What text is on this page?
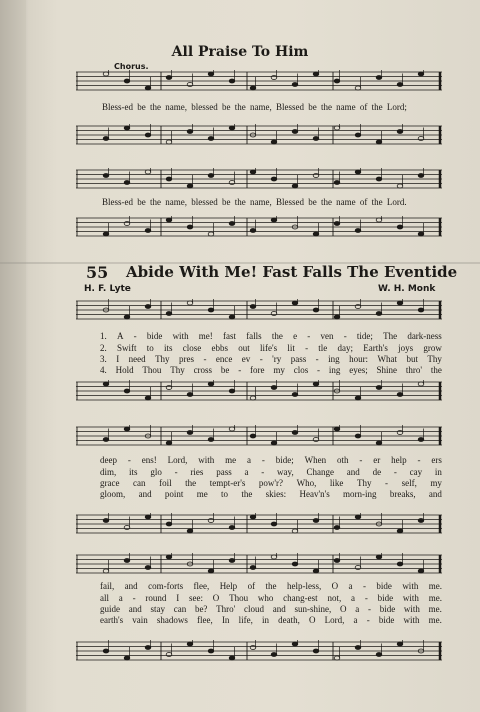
All Praise To Him
Chorus.
Bless-ed be the name, blessed be the name, Blessed be the name of the Lord;
Bless-ed be the name, blessed be the name, Blessed be the name of the Lord.
55 Abide With Me! Fast Falls The Eventide
H. F. Lyte	W. H. Monk
1. A - bide with me! fast falls the e - ven - tide; The dark-ness
2. Swift to its close ebbs out life's lit - tle day; Earth's joys grow
3. I need Thy pres - ence ev - 'ry pass - ing hour: What but Thy
4. Hold Thou Thy cross be - fore my clos - ing eyes; Shine thro' the
deep - ens! Lord, with me a - bide; When oth - er help - ers
dim, its glo - ries pass a - way, Change and de - cay in
grace can foil the tempt-er's pow'r? Who, like Thy - self, my
gloom, and point me to the skies: Heav'n's morn-ing breaks, and
fail, and com-forts flee, Help of the help-less, O a - bide with me.
all a - round I see: O Thou who chang-est not, a - bide with me.
guide and stay can be? Thro' cloud and sun-shine, O a - bide with me.
earth's vain shadows flee, In life, in death, O Lord, a - bide with me.
